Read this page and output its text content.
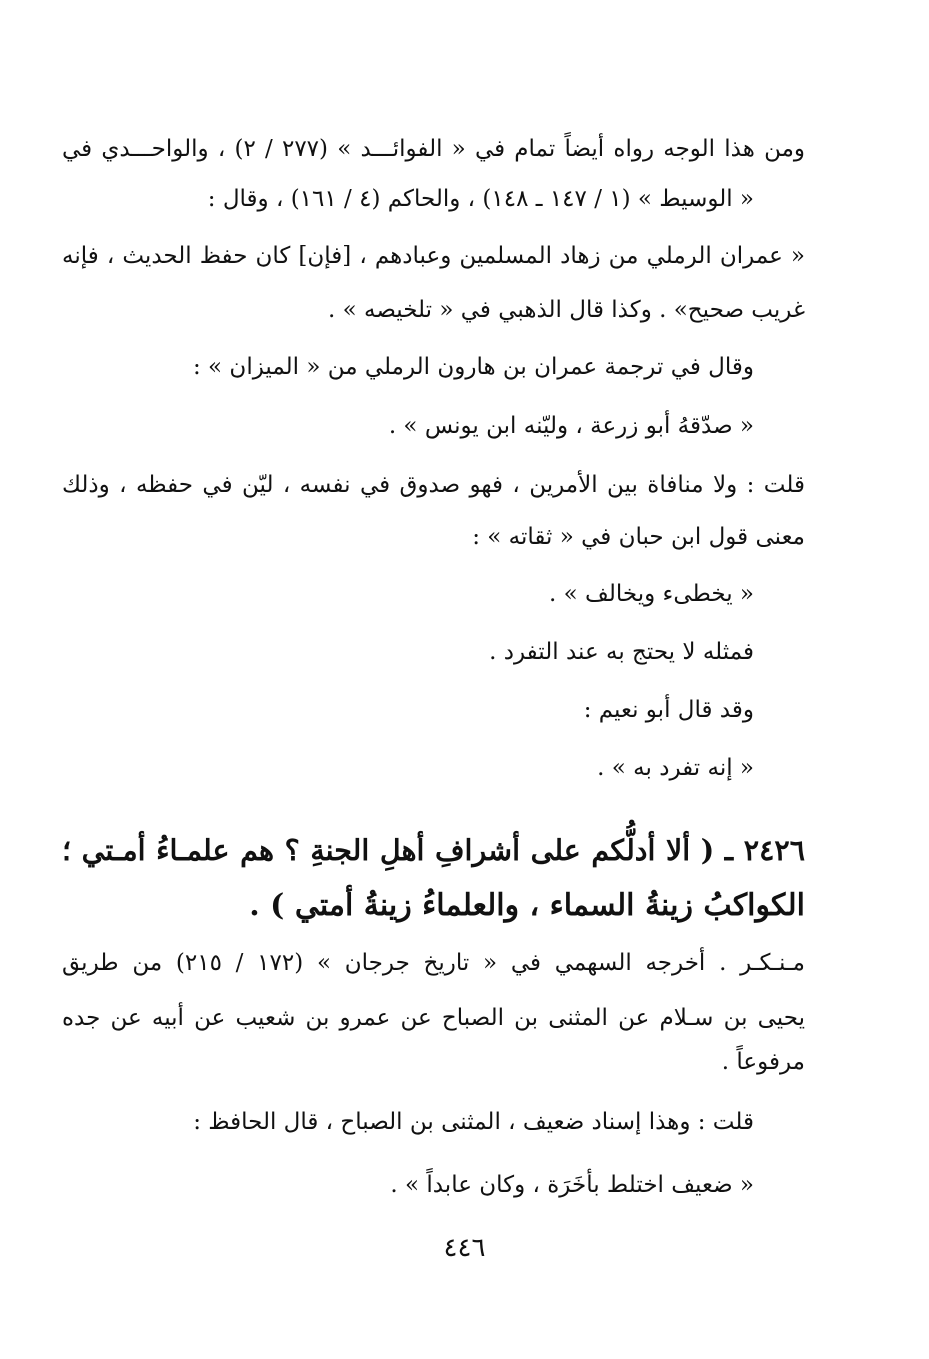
ومن هذا الوجه رواه أيضاً تمام في « الفوائـــد » (٢٧٧ / ٢) ، والواحـــدي في
« الوسيط » (١ / ١٤٧ ـ ١٤٨) ، والحاكم (٤ / ١٦١) ، وقال :
« عمران الرملي من زهاد المسلمين وعبادهم ، [فإن] كان حفظ الحديث ، فإنه
غريب صحيح» . وكذا قال الذهبي في « تلخيصه » .
وقال في ترجمة عمران بن هارون الرملي من « الميزان » :
« صدّقهُ أبو زرعة ، وليّنه ابن يونس » .
قلت : ولا منافاة بين الأمرين ، فهو صدوق في نفسه ، ليّن في حفظه ، وذلك
معنى قول ابن حبان في « ثقاته » :
« يخطىء ويخالف » .
فمثله لا يحتج به عند التفرد .
وقد قال أبو نعيم :
« إنه تفرد به » .
٢٤٢٦ ـ ( ألا أدلُّكم على أشرافِ أهلِ الجنةِ ؟ هم علمـاءُ أمـتي ؛
الكواكبُ زينةُ السماء ، والعلماءُ زينةُ أمتي ) .
مـنـكـر . أخرجه السهمي في « تاريخ جرجان » (١٧٢ / ٢١٥) من طريق
يحيى بن سـلام عن المثنى بن الصباح عن عمرو بن شعيب عن أبيه عن جده
مرفوعاً .
قلت : وهذا إسناد ضعيف ، المثنى بن الصباح ، قال الحافظ :
« ضعيف اختلط بأخَرَة ، وكان عابداً » .
٤٤٦
